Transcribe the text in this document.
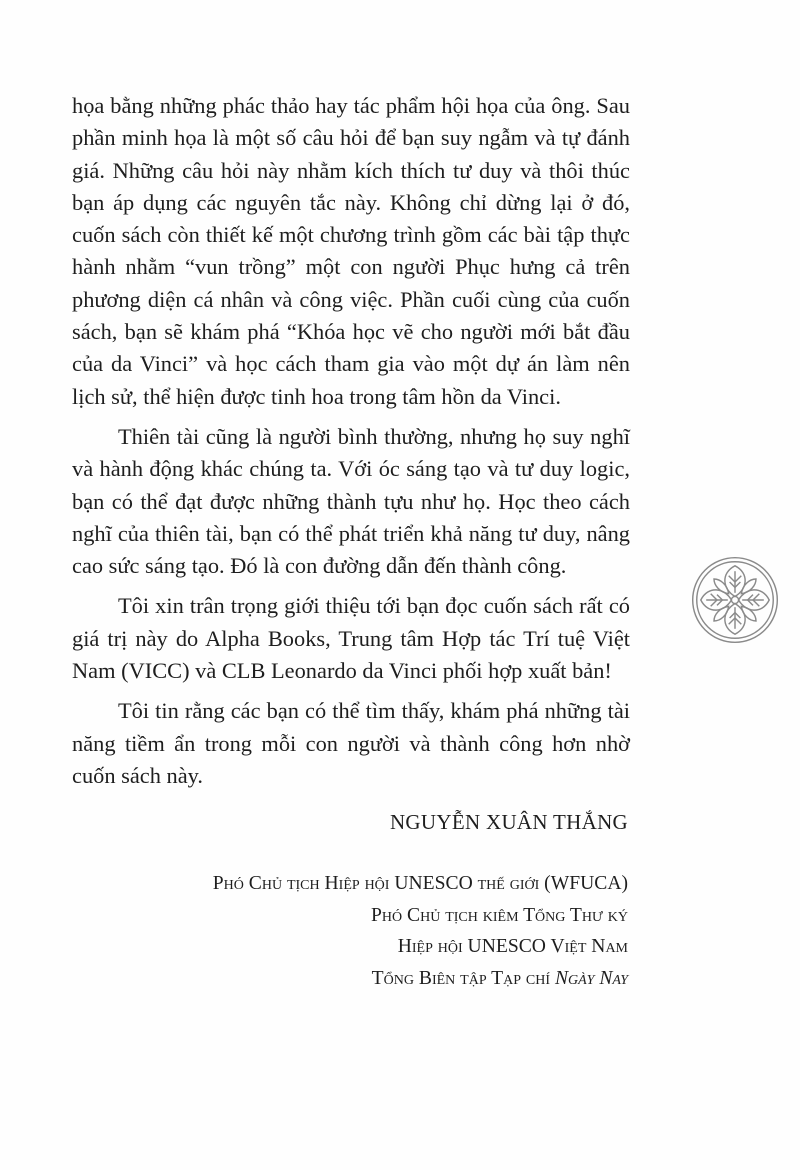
họa bằng những phác thảo hay tác phẩm hội họa của ông. Sau phần minh họa là một số câu hỏi để bạn suy ngẫm và tự đánh giá. Những câu hỏi này nhằm kích thích tư duy và thôi thúc bạn áp dụng các nguyên tắc này. Không chỉ dừng lại ở đó, cuốn sách còn thiết kế một chương trình gồm các bài tập thực hành nhằm “vun trồng” một con người Phục hưng cả trên phương diện cá nhân và công việc. Phần cuối cùng của cuốn sách, bạn sẽ khám phá “Khóa học vẽ cho người mới bắt đầu của da Vinci” và học cách tham gia vào một dự án làm nên lịch sử, thể hiện được tinh hoa trong tâm hồn da Vinci.

Thiên tài cũng là người bình thường, nhưng họ suy nghĩ và hành động khác chúng ta. Với óc sáng tạo và tư duy logic, bạn có thể đạt được những thành tựu như họ. Học theo cách nghĩ của thiên tài, bạn có thể phát triển khả năng tư duy, nâng cao sức sáng tạo. Đó là con đường dẫn đến thành công.

Tôi xin trân trọng giới thiệu tới bạn đọc cuốn sách rất có giá trị này do Alpha Books, Trung tâm Hợp tác Trí tuệ Việt Nam (VICC) và CLB Leonardo da Vinci phối hợp xuất bản!

Tôi tin rằng các bạn có thể tìm thấy, khám phá những tài năng tiềm ẩn trong mỗi con người và thành công hơn nhờ cuốn sách này.

NGUYỄN XUÂN THẮNG
Phó Chủ tịch Hiệp hội UNESCO thế giới (WFUCA)
Phó Chủ tịch kiêm Tổng Thư ký
Hiệp hội UNESCO Việt Nam
Tổng Biên tập Tạp chí Ngày Nay
